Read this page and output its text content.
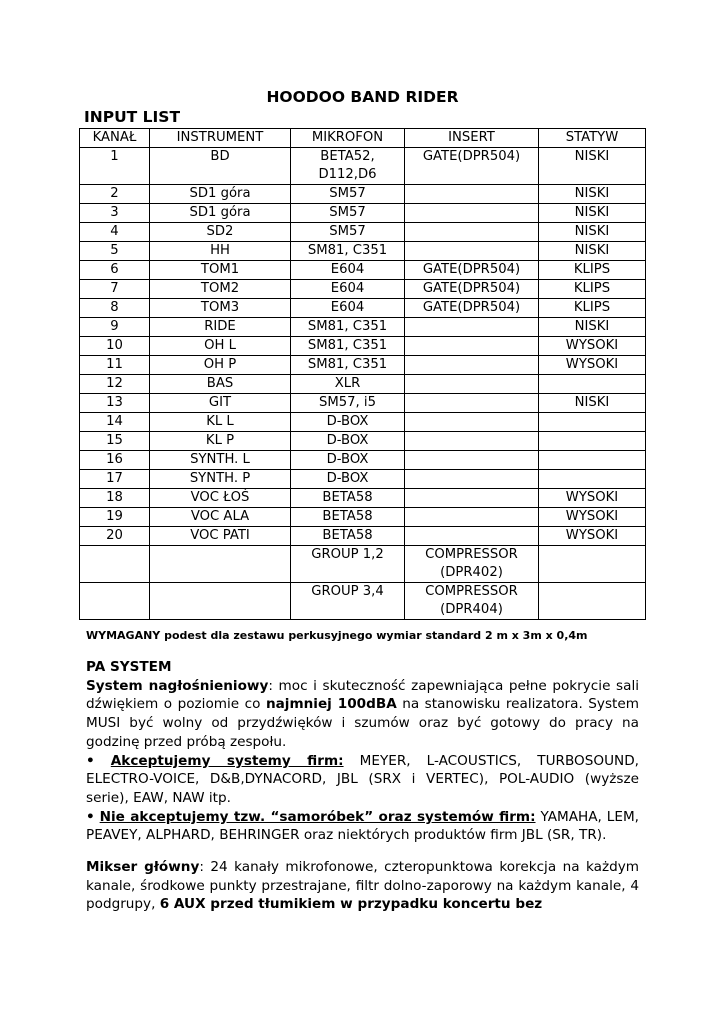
HOODOO BAND RIDER
INPUT LIST
KANAŁ	INSTRUMENT	MIKROFON	INSERT	STATYW
1	BD	BETA52, D112,D6	GATE(DPR504)	NISKI
2	SD1 góra	SM57		NISKI
3	SD1 góra	SM57		NISKI
4	SD2	SM57		NISKI
5	HH	SM81, C351		NISKI
6	TOM1	E604	GATE(DPR504)	KLIPS
7	TOM2	E604	GATE(DPR504)	KLIPS
8	TOM3	E604	GATE(DPR504)	KLIPS
9	RIDE	SM81, C351		NISKI
10	OH L	SM81, C351		WYSOKI
11	OH P	SM81, C351		WYSOKI
12	BAS	XLR		
13	GIT	SM57, i5		NISKI
14	KL L	D-BOX		
15	KL P	D-BOX		
16	SYNTH. L	D-BOX		
17	SYNTH. P	D-BOX		
18	VOC ŁOŚ	BETA58		WYSOKI
19	VOC ALA	BETA58		WYSOKI
20	VOC PATI	BETA58		WYSOKI
		GROUP 1,2	COMPRESSOR (DPR402)	
		GROUP 3,4	COMPRESSOR (DPR404)	
WYMAGANY podest dla zestawu perkusyjnego wymiar standard 2 m x 3m x 0,4m

PA SYSTEM

System nagłośnieniowy: moc i skuteczność zapewniająca pełne pokrycie sali dźwiękiem o poziomie co najmniej 100dBA na stanowisku realizatora. System MUSI być wolny od przydźwięków i szumów oraz być gotowy do pracy na godzinę przed próbą zespołu.

• Akceptujemy systemy firm: MEYER, L-ACOUSTICS, TURBOSOUND, ELECTRO-VOICE, D&B,DYNACORD, JBL (SRX i VERTEC), POL-AUDIO (wyższe serie), EAW, NAW itp.

• Nie akceptujemy tzw. “samoróbek” oraz systemów firm: YAMAHA, LEM, PEAVEY, ALPHARD, BEHRINGER oraz niektórych produktów firm JBL (SR, TR).

Mikser główny: 24 kanały mikrofonowe, czteropunktowa korekcja na każdym kanale, środkowe punkty przestrajane, filtr dolno-zaporowy na każdym kanale, 4 podgrupy, 6 AUX przed tłumikiem w przypadku koncertu bez
